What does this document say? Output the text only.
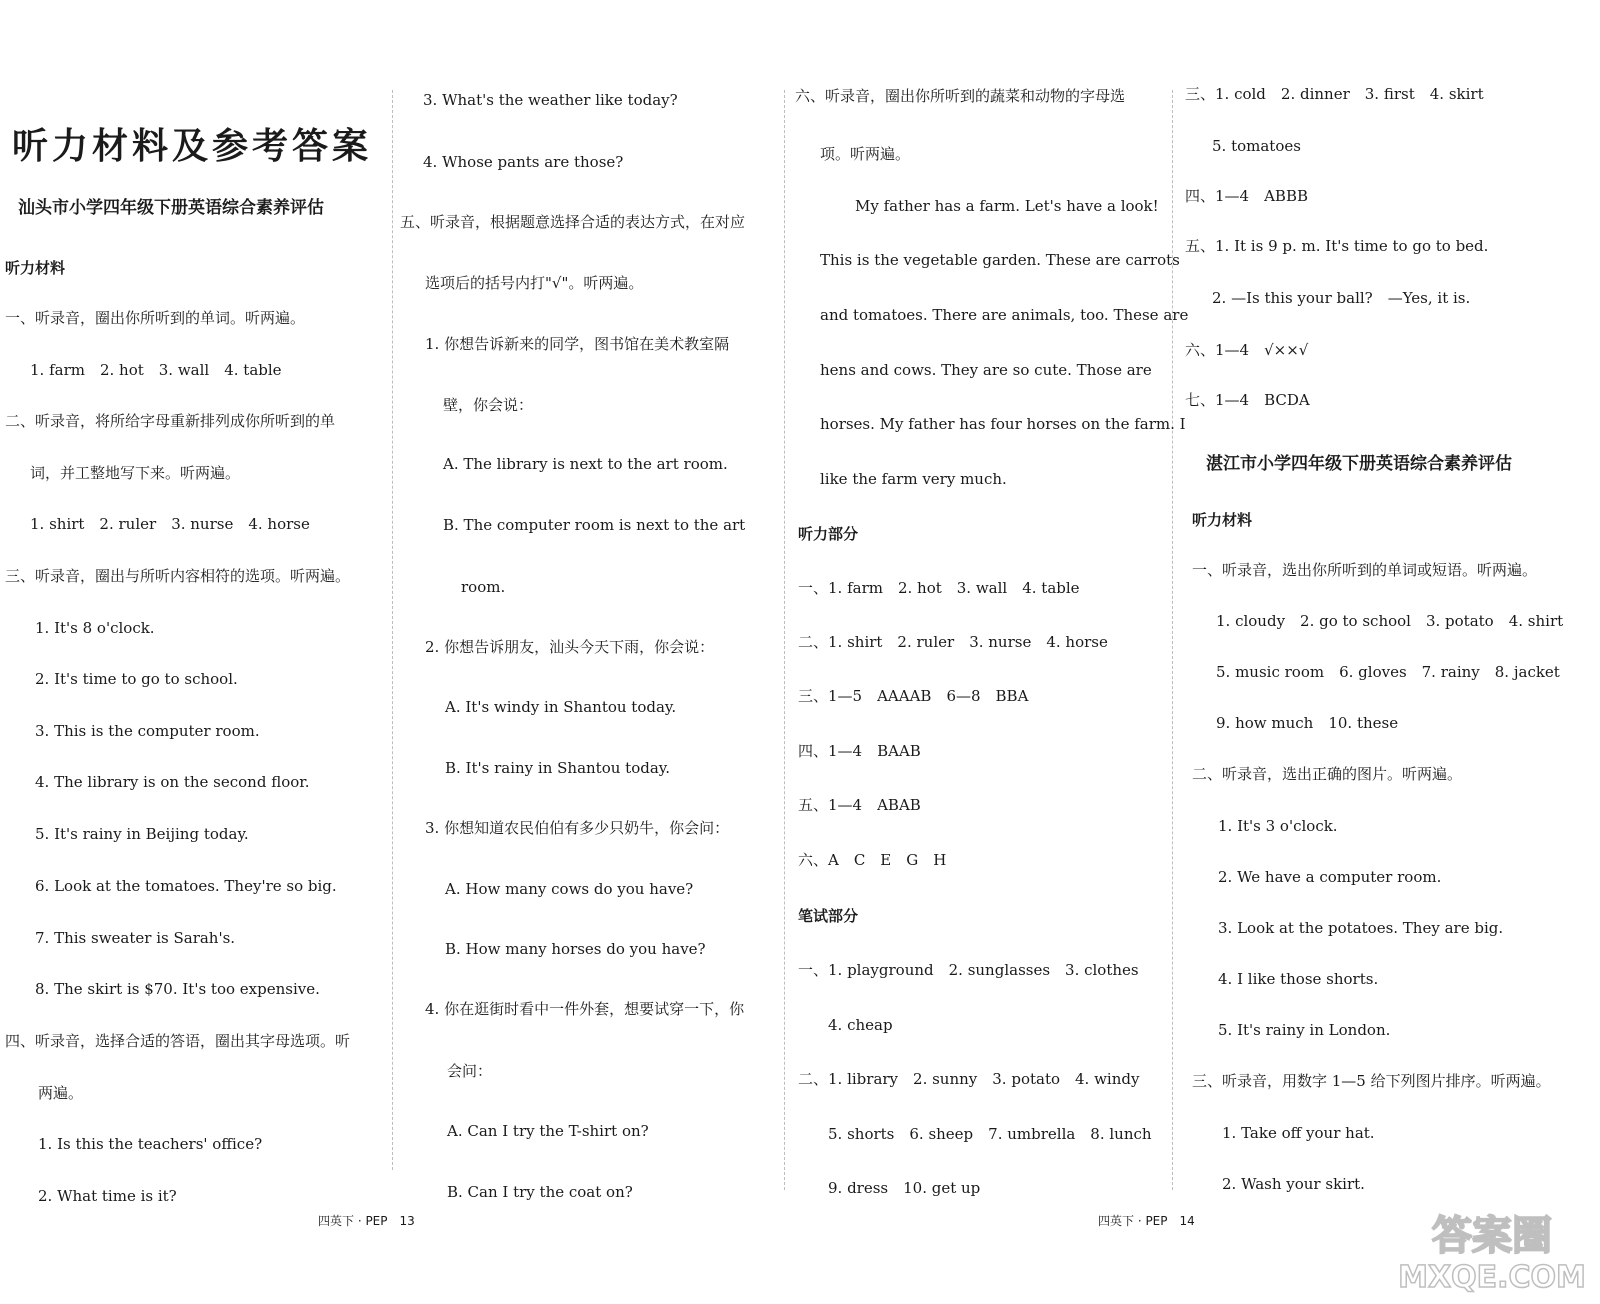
听力材料及参考答案
汕头市小学四年级下册英语综合素养评估
听力材料
一、听录音，圈出你所听到的单词。听两遍。
1. farm　2. hot　3. wall　4. table
二、听录音，将所给字母重新排列成你所听到的单
词，并工整地写下来。听两遍。
1. shirt　2. ruler　3. nurse　4. horse
三、听录音，圈出与所听内容相符的选项。听两遍。
1. It's 8 o'clock.
2. It's time to go to school.
3. This is the computer room.
4. The library is on the second floor.
5. It's rainy in Beijing today.
6. Look at the tomatoes. They're so big.
7. This sweater is Sarah's.
8. The skirt is $70. It's too expensive.
四、听录音，选择合适的答语，圈出其字母选项。听
两遍。
1. Is this the teachers' office?
2. What time is it?
3. What's the weather like today?
4. Whose pants are those?
五、听录音，根据题意选择合适的表达方式，在对应
选项后的括号内打"√"。听两遍。
1. 你想告诉新来的同学，图书馆在美术教室隔
壁，你会说：
A. The library is next to the art room.
B. The computer room is next to the art
room.
2. 你想告诉朋友，汕头今天下雨，你会说：
A. It's windy in Shantou today.
B. It's rainy in Shantou today.
3. 你想知道农民伯伯有多少只奶牛，你会问：
A. How many cows do you have?
B. How many horses do you have?
4. 你在逛街时看中一件外套，想要试穿一下，你
会问：
A. Can I try the T-shirt on?
B. Can I try the coat on?
六、听录音，圈出你所听到的蔬菜和动物的字母选
项。听两遍。
My father has a farm. Let's have a look!
This is the vegetable garden. These are carrots
and tomatoes. There are animals, too. These are
hens and cows. They are so cute. Those are
horses. My father has four horses on the farm. I
like the farm very much.
听力部分
一、1. farm　2. hot　3. wall　4. table
二、1. shirt　2. ruler　3. nurse　4. horse
三、1—5　AAAAB　6—8　BBA
四、1—4　BAAB
五、1—4　ABAB
六、A　C　E　G　H
笔试部分
一、1. playground　2. sunglasses　3. clothes
4. cheap
二、1. library　2. sunny　3. potato　4. windy
5. shorts　6. sheep　7. umbrella　8. lunch
9. dress　10. get up
三、1. cold　2. dinner　3. first　4. skirt
5. tomatoes
四、1—4　ABBB
五、1. It is 9 p. m. It's time to go to bed.
2. —Is this your ball?　—Yes, it is.
六、1—4　√××√
七、1—4　BCDA
湛江市小学四年级下册英语综合素养评估
听力材料
一、听录音，选出你所听到的单词或短语。听两遍。
1. cloudy　2. go to school　3. potato　4. shirt
5. music room　6. gloves　7. rainy　8. jacket
9. how much　10. these
二、听录音，选出正确的图片。听两遍。
1. It's 3 o'clock.
2. We have a computer room.
3. Look at the potatoes. They are big.
4. I like those shorts.
5. It's rainy in London.
三、听录音，用数字 1—5 给下列图片排序。听两遍。
1. Take off your hat.
2. Wash your skirt.
四英下 · PEP　13	四英下 · PEP　14	答案圈
MXQE.COM
